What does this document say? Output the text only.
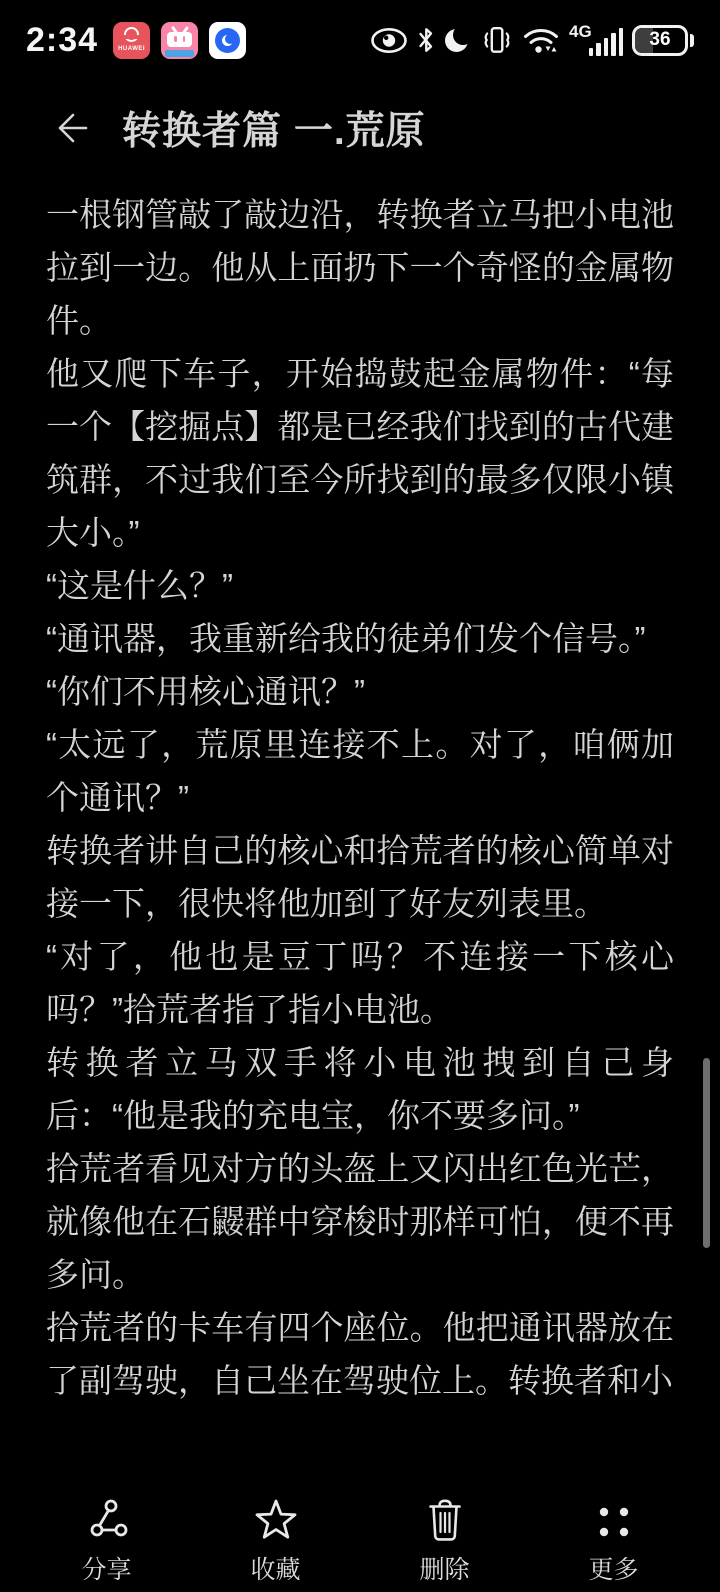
2:34	HUAWEI
4G	36
转换者篇 一.荒原

一根钢管敲了敲边沿，转换者立马把小电池拉到一边。他从上面扔下一个奇怪的金属物件。

他又爬下车子，开始捣鼓起金属物件：“每一个【挖掘点】都是已经我们找到的古代建筑群，不过我们至今所找到的最多仅限小镇大小。”

“这是什么？”

“通讯器，我重新给我的徒弟们发个信号。”

“你们不用核心通讯？”

“太远了，荒原里连接不上。对了，咱俩加个通讯？”

转换者讲自己的核心和拾荒者的核心简单对接一下，很快将他加到了好友列表里。

“对了，他也是豆丁吗？不连接一下核心吗？”拾荒者指了指小电池。

转换者立马双手将小电池拽到自己身后：“他是我的充电宝，你不要多问。”

拾荒者看见对方的头盔上又闪出红色光芒，就像他在石鼹群中穿梭时那样可怕，便不再多问。

拾荒者的卡车有四个座位。他把通讯器放在了副驾驶，自己坐在驾驶位上。转换者和小

分享	收藏	删除	更多
